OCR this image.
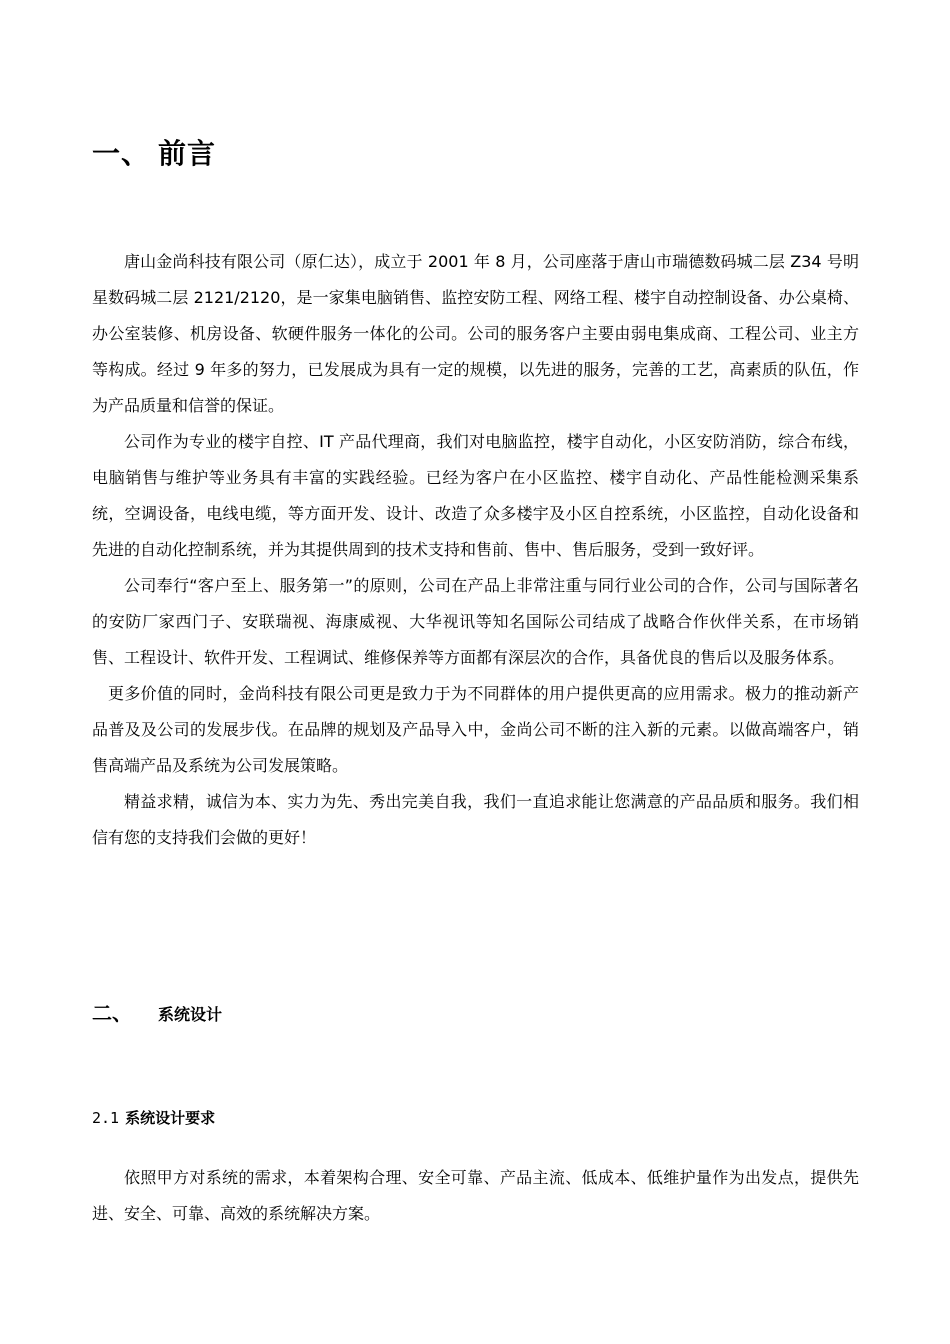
一、 前言

唐山金尚科技有限公司（原仁达），成立于 2001 年 8 月，公司座落于唐山市瑞德数码城二层 Z34 号明星数码城二层 2121/2120，是一家集电脑销售、监控安防工程、网络工程、楼宇自动控制设备、办公桌椅、办公室装修、机房设备、软硬件服务一体化的公司。公司的服务客户主要由弱电集成商、工程公司、业主方等构成。经过 9 年多的努力，已发展成为具有一定的规模，以先进的服务，完善的工艺，高素质的队伍，作为产品质量和信誉的保证。

公司作为专业的楼宇自控、IT 产品代理商，我们对电脑监控，楼宇自动化，小区安防消防，综合布线，电脑销售与维护等业务具有丰富的实践经验。已经为客户在小区监控、楼宇自动化、产品性能检测采集系统，空调设备，电线电缆，等方面开发、设计、改造了众多楼宇及小区自控系统，小区监控，自动化设备和先进的自动化控制系统，并为其提供周到的技术支持和售前、售中、售后服务，受到一致好评。

公司奉行“客户至上、服务第一”的原则，公司在产品上非常注重与同行业公司的合作，公司与国际著名的安防厂家西门子、安联瑞视、海康威视、大华视讯等知名国际公司结成了战略合作伙伴关系，在市场销售、工程设计、软件开发、工程调试、维修保养等方面都有深层次的合作，具备优良的售后以及服务体系。

更多价值的同时，金尚科技有限公司更是致力于为不同群体的用户提供更高的应用需求。极力的推动新产品普及及公司的发展步伐。在品牌的规划及产品导入中，金尚公司不断的注入新的元素。以做高端客户，销售高端产品及系统为公司发展策略。

精益求精，诚信为本、实力为先、秀出完美自我，我们一直追求能让您满意的产品品质和服务。我们相信有您的支持我们会做的更好！

二、 系统设计
2.1 系统设计要求

依照甲方对系统的需求，本着架构合理、安全可靠、产品主流、低成本、低维护量作为出发点，提供先进、安全、可靠、高效的系统解决方案。
